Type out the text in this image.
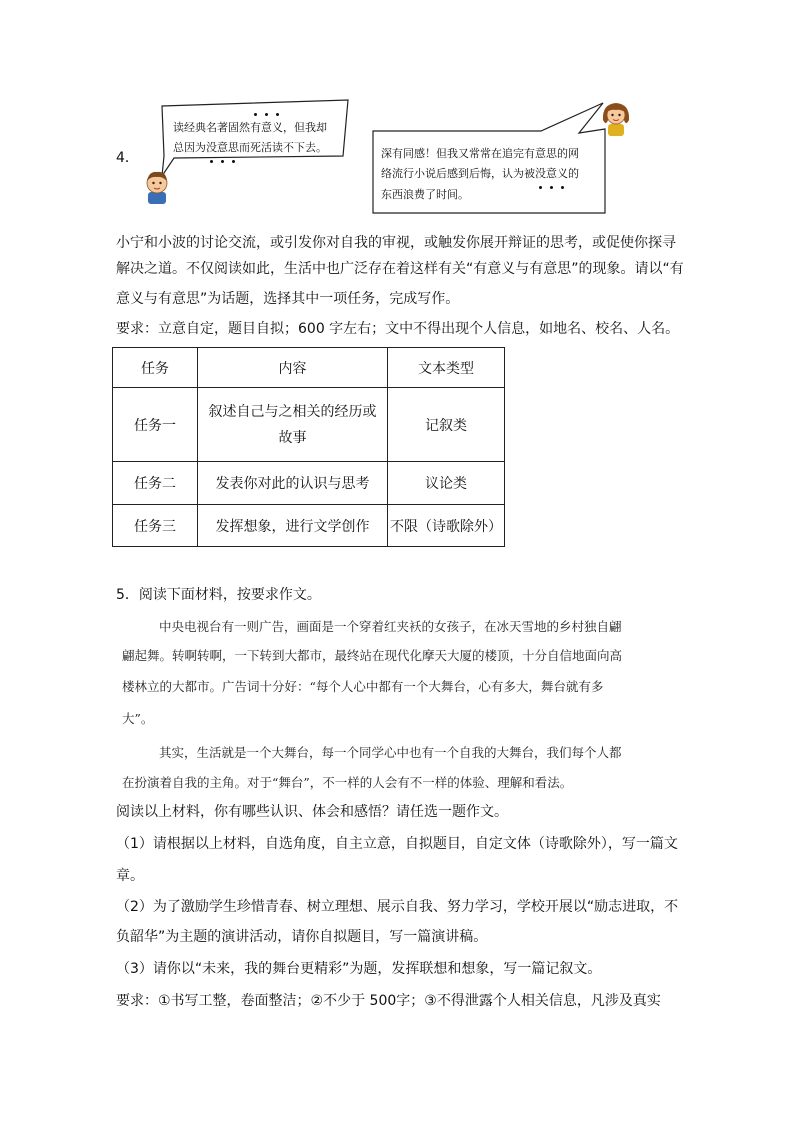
4．
读经典名著固然有意义，但我却
总因为没意思而死活读不下去。	深有同感！但我又常常在追完有意思的网
络流行小说后感到后悔，认为被没意义的
东西浪费了时间。
小宁和小波的讨论交流，或引发你对自我的审视，或触发你展开辩证的思考，或促使你探寻
解决之道。不仅阅读如此，生活中也广泛存在着这样有关“有意义与有意思”的现象。请以“有
意义与有意思”为话题，选择其中一项任务，完成写作。
要求：立意自定，题目自拟；600 字左右；文中不得出现个人信息，如地名、校名、人名。
任务	内容	文本类型
任务一	叙述自己与之相关的经历或
故事	记叙类
任务二	发表你对此的认识与思考	议论类
任务三	发挥想象，进行文学创作	不限（诗歌除外）
5．阅读下面材料，按要求作文。
中央电视台有一则广告，画面是一个穿着红夹袄的女孩子，在冰天雪地的乡村独自翩
翩起舞。转啊转啊，一下转到大都市，最终站在现代化摩天大厦的楼顶，十分自信地面向高
楼林立的大都市。广告词十分好：“每个人心中都有一个大舞台，心有多大，舞台就有多
大”。
其实，生活就是一个大舞台，每一个同学心中也有一个自我的大舞台，我们每个人都
在扮演着自我的主角。对于“舞台”，不一样的人会有不一样的体验、理解和看法。
阅读以上材料，你有哪些认识、体会和感悟？请任选一题作文。
（1）请根据以上材料，自选角度，自主立意，自拟题目，自定文体（诗歌除外），写一篇文
章。
（2）为了激励学生珍惜青春、树立理想、展示自我、努力学习，学校开展以“励志进取，不
负韶华”为主题的演讲活动，请你自拟题目，写一篇演讲稿。
（3）请你以“未来，我的舞台更精彩”为题，发挥联想和想象，写一篇记叙文。
要求：①书写工整，卷面整洁；②不少于 500字；③不得泄露个人相关信息，凡涉及真实
